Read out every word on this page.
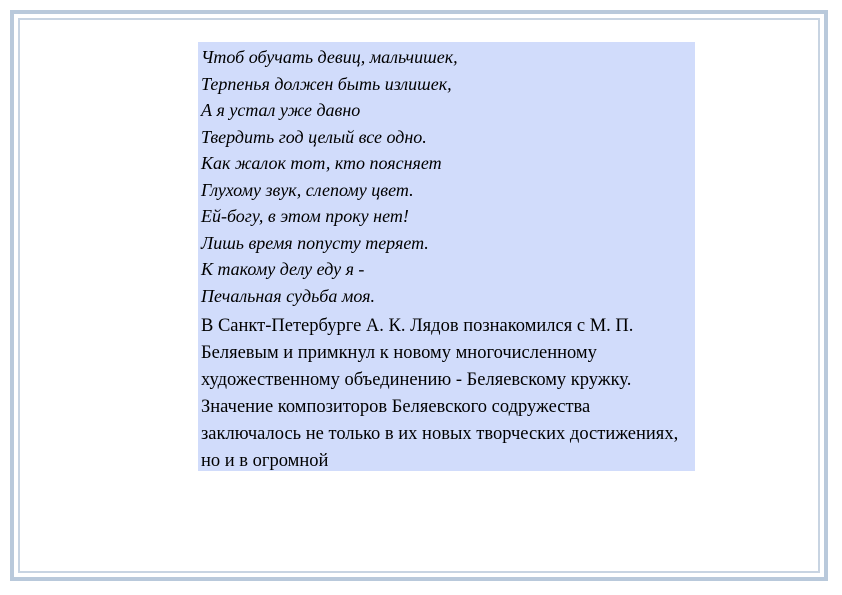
Чтоб обучать девиц, мальчишек,
Терпенья должен быть излишек,
А я устал уже давно
Твердить год целый все одно.
Как жалок тот, кто поясняет
Глухому звук, слепому цвет.
Ей-богу, в этом проку нет!
Лишь время попусту теряет.
К такому делу еду я -
Печальная судьба моя.

В Санкт-Петербурге А. К. Лядов познакомился с М. П. Беляевым и примкнул к новому многочисленному художественному объединению - Беляевскому кружку. Значение композиторов Беляевского содружества заключалось не только в их новых творческих достижениях, но и в огромной
